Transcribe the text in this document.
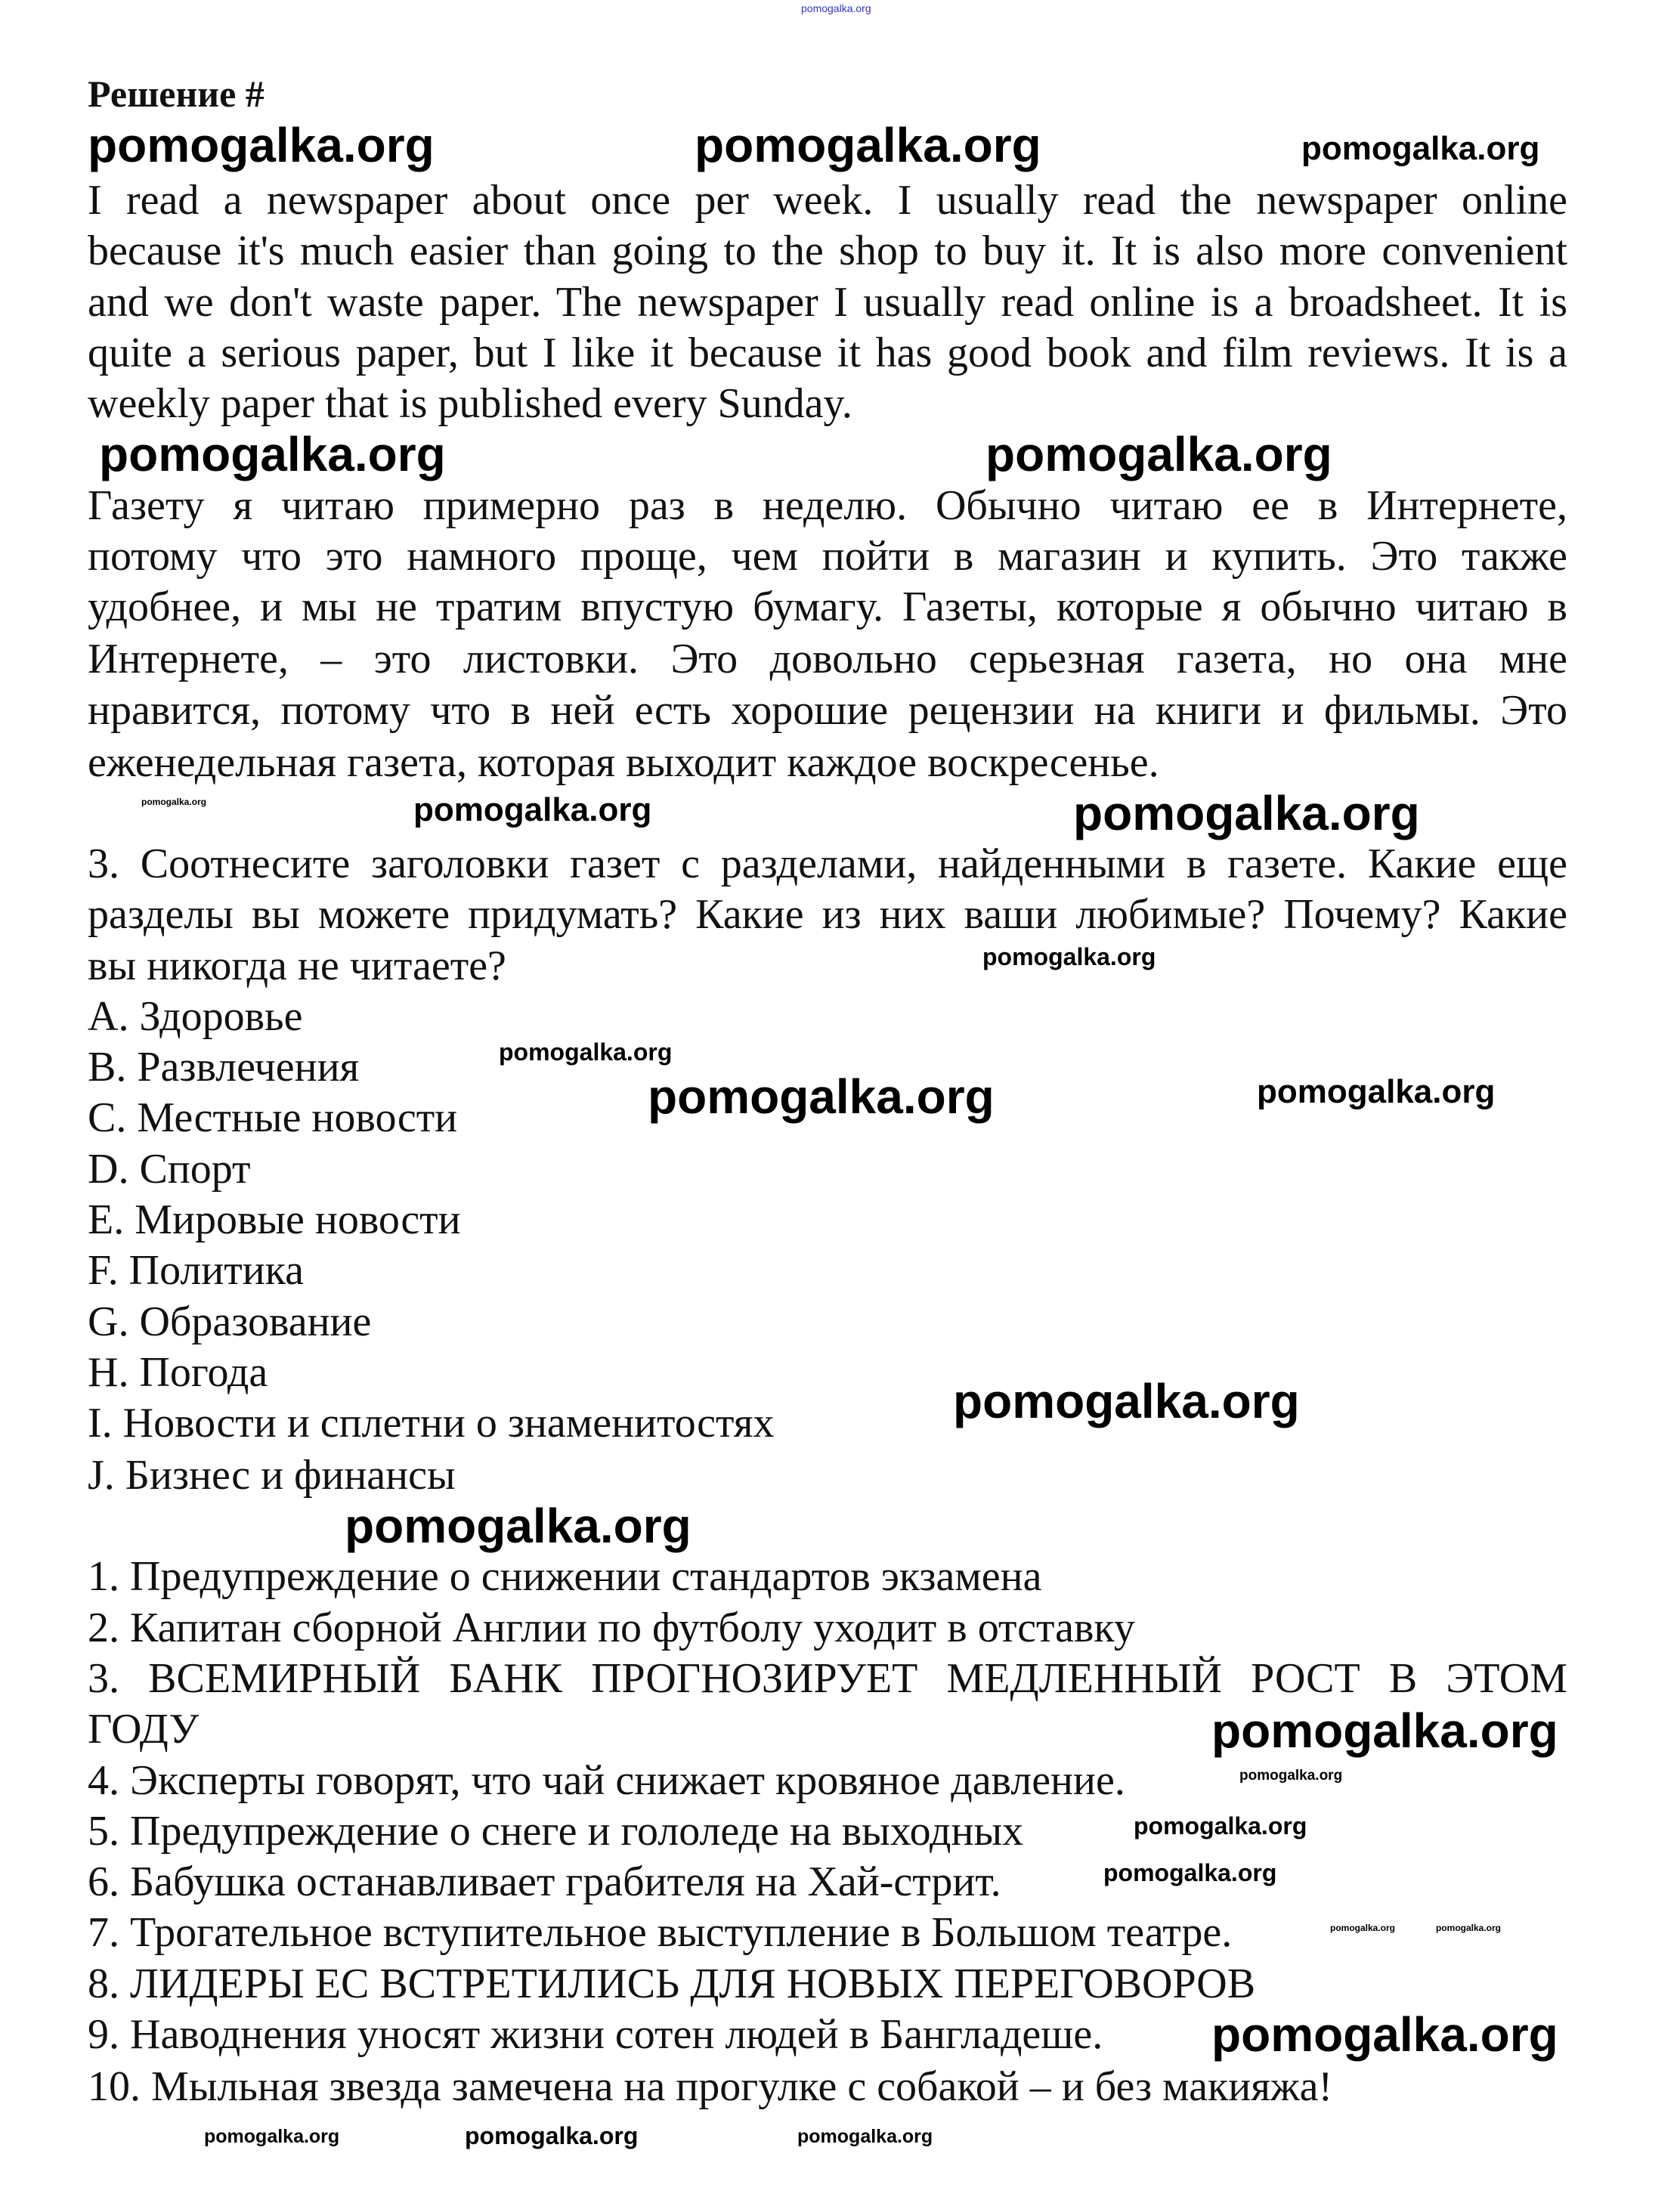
pomogalka.org
pomogalka.org	pomogalka.org	pomogalka.org
pomogalka.org	pomogalka.org
pomogalka.org	pomogalka.org	pomogalka.org
pomogalka.org
pomogalka.org
pomogalka.org	pomogalka.org
pomogalka.org
pomogalka.org
pomogalka.org
pomogalka.org
pomogalka.org
pomogalka.org	pomogalka.org
pomogalka.org
pomogalka.org	pomogalka.org
pomogalka.org
pomogalka.org
Решение #
I read a newspaper about once per week. I usually read the newspaper online
because it's much easier than going to the shop to buy it. It is also more convenient
and we don't waste paper. The newspaper I usually read online is a broadsheet. It is
quite a serious paper, but I like it because it has good book and film reviews. It is a
weekly paper that is published every Sunday.
Газету я читаю примерно раз в неделю. Обычно читаю ее в Интернете,
потому что это намного проще, чем пойти в магазин и купить. Это также
удобнее, и мы не тратим впустую бумагу. Газеты, которые я обычно читаю в
Интернете, – это листовки. Это довольно серьезная газета, но она мне
нравится, потому что в ней есть хорошие рецензии на книги и фильмы. Это
еженедельная газета, которая выходит каждое воскресенье.
3. Соотнесите заголовки газет с разделами, найденными в газете. Какие еще
разделы вы можете придумать? Какие из них ваши любимые? Почему? Какие
вы никогда не читаете?
A. Здоровье
B. Развлечения
C. Местные новости
D. Спорт
E. Мировые новости
F. Политика
G. Образование
H. Погода
I. Новости и сплетни о знаменитостях
J. Бизнес и финансы
1. Предупреждение о снижении стандартов экзамена
2. Капитан сборной Англии по футболу уходит в отставку
3. ВСЕМИРНЫЙ БАНК ПРОГНОЗИРУЕТ МЕДЛЕННЫЙ РОСТ В ЭТОМ
ГОДУ
4. Эксперты говорят, что чай снижает кровяное давление.
5. Предупреждение о снеге и гололеде на выходных
6. Бабушка останавливает грабителя на Хай-стрит.
7. Трогательное вступительное выступление в Большом театре.
8. ЛИДЕРЫ ЕС ВСТРЕТИЛИСЬ ДЛЯ НОВЫХ ПЕРЕГОВОРОВ
9. Наводнения уносят жизни сотен людей в Бангладеше.
10. Мыльная звезда замечена на прогулке с собакой – и без макияжа!
